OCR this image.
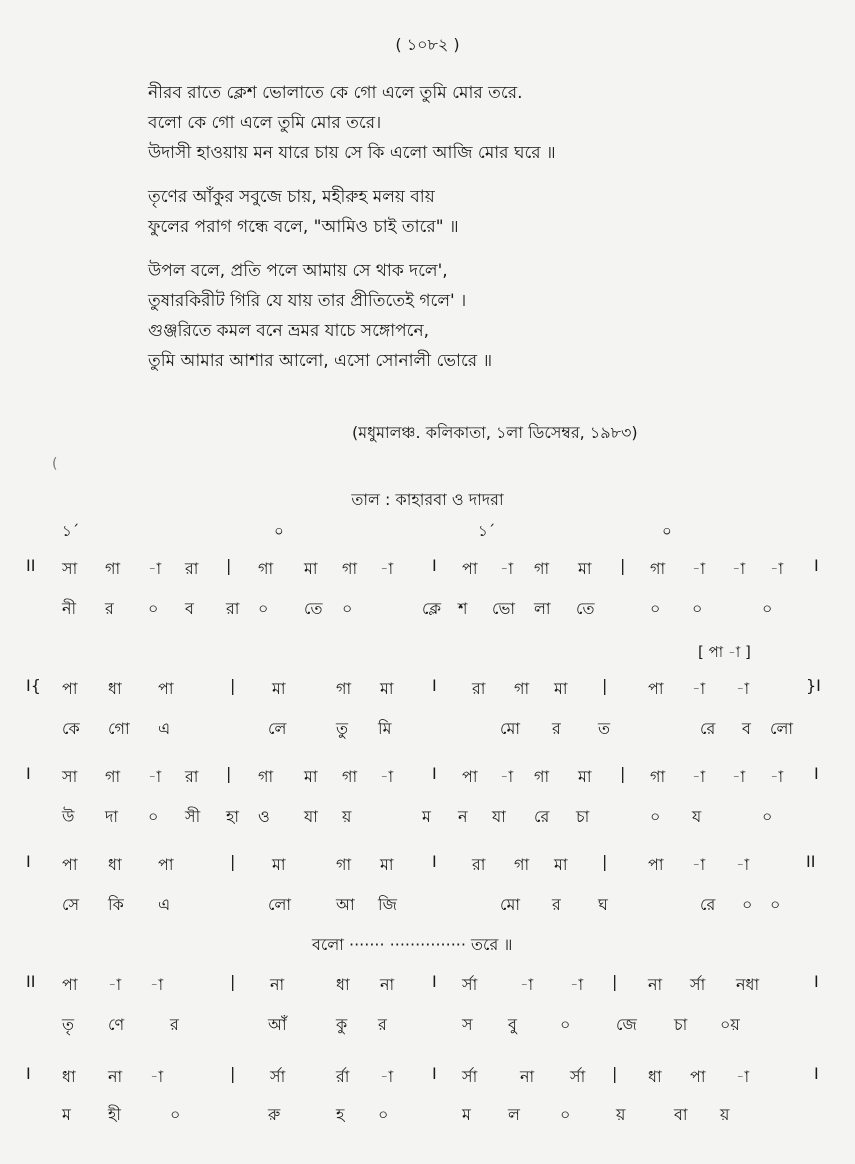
( ১০৮২ )
নীরব রাতে ক্লেশ ভোলাতে কে গো এলে তুমি মোর তরে.
বলো কে গো এলে তুমি মোর তরে।
উদাসী হাওয়ায় মন যারে চায় সে কি এলো আজি মোর ঘরে ॥
তৃণের আঁকুর সবুজে চায়, মহীরুহ মলয় বায়
ফুলের পরাগ গন্ধে বলে, "আমিও চাই তারে" ॥
উপল বলে, প্রতি পলে আমায় সে থাক দলে',
তুষারকিরীট গিরি যে যায় তার প্রীতিতেই গলে' ।
গুঞ্জরিতে কমল বনে ভ্রমর যাচে সঙ্গোপনে,
তুমি আমার আশার আলো, এসো সোনালী ভোরে ॥
(মধুমালঞ্চ. কলিকাতা, ১লা ডিসেম্বর, ১৯৮৩)
(
তাল : কাহারবা ও দাদরা
১´	০	১´	০
[ পা -া ]
বলো ······· ··············· তরে ॥
II সা গা -া রা | গা মা গা -া I পা -া গা মা | গা -া -া -া I
নী র ০ ব রা ০ তে ০	ক্লে শ ভো লা তে	০ ০	০
I{ পা ধা পা	| মা	গা মা I রা গা মা |	পা -া -া	}I
কে গো এ	লে	তু মি	মো র ত	রে ব লো
I সা গা -া রা | গা মা গা -া I পা -া গা মা | গা -া -া -া I
উ দা ০ সী হা ও যা য়	ম ন যা রে চা	০ য	০
I পা ধা পা	| মা	গা মা I রা গা মা |	পা -া -া	II
সে কি এ	লো	আ জি	মো র ঘ	রে ০ ০
II পা -া -া	| না	ধা না I র্সা	-া -া | না র্সা নধা	I
তৃ ণে	র	আঁ	কু র	স বু	০	জে চা ০য়
I ধা না -া	| র্সা	র্রা -া I র্সা	না র্সা | ধা পা -া	I
ম হী	০	রু	হ ০	ম ল	০	য়	বা য়
